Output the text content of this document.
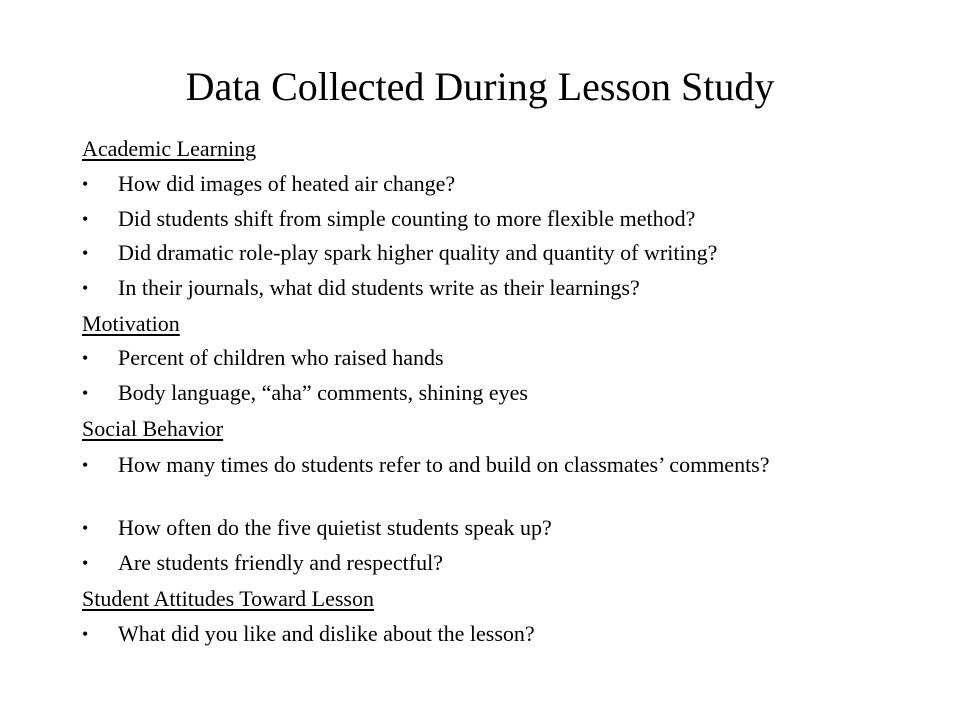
Data Collected During Lesson Study
Academic Learning
•	How did images of heated air change?
•	Did students shift from simple counting to more flexible method?
•	Did dramatic role-play spark higher quality and quantity of writing?
•	In their journals, what did students write as their learnings?
Motivation
•	Percent of children who raised hands
•	Body language, “aha” comments, shining eyes
Social Behavior
•	How many times do students refer to and build on classmates’ comments?
•	How often do the five quietist students speak up?
•	Are students friendly and respectful?
Student Attitudes Toward Lesson
•	What did you like and dislike about the lesson?
